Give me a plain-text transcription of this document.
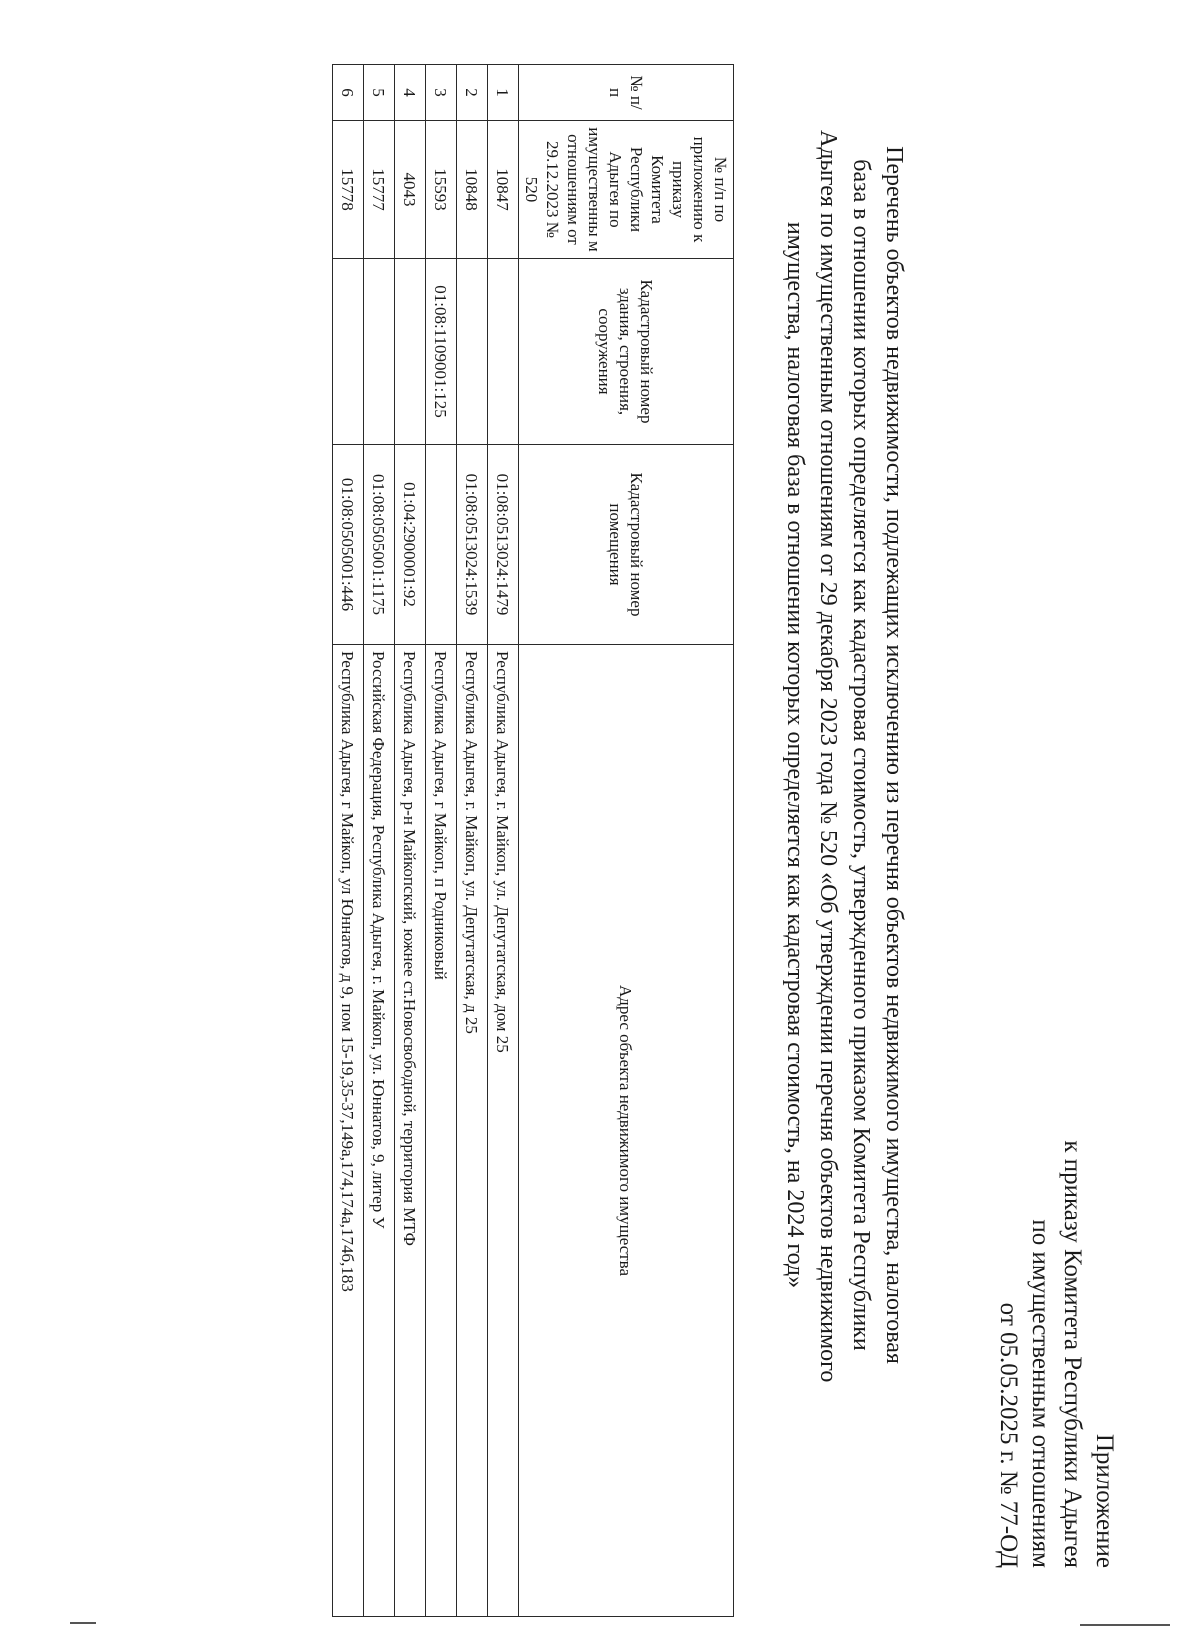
Приложение
к приказу Комитета Республики Адыгея
по имущественным отношениям
от 05.05.2025 г. № 77-ОД
Перечень объектов недвижимости, подлежащих исключению из перечня объектов недвижимого имущества, налоговая
база в отношении которых определяется как кадастровая стоимость, утвержденного приказом Комитета Республики
Адыгея по имущественным отношениям от 29 декабря 2023 года № 520 «Об утверждении перечня объектов недвижимого
имущества, налоговая база в отношении которых определяется как кадастровая стоимость, на 2024 год»
№ п/п	№ п/п по приложению к приказу Комитета Республики Адыгея по имущественны м отношениям от 29.12.2023 № 520	Кадастровый номер здания, строения, сооружения	Кадастровый номер помещения	Адрес объекта недвижимого имущества
1	10847		01:08:0513024:1479	Республика Адыгея, г. Майкоп, ул. Депутатская, дом 25
2	10848		01:08:0513024:1539	Республика Адыгея, г. Майкоп, ул. Депутатская, д 25
3	15593	01:08:1109001:125		Республика Адыгея, г Майкоп, п Родниковый
4	4043		01:04:2900001:92	Республика Адыгея, р-н Майкопский, южнее ст.Новосвободной, территория МТФ
5	15777		01:08:0505001:1175	Российская Федерация, Республика Адыгея, г. Майкоп, ул. Юннатов, 9, литер У
6	15778		01:08:0505001:446	Республика Адыгея, г Майкоп, ул Юннатов, д 9, пом 15-19,35-37,149а,174,174а,174б,183
